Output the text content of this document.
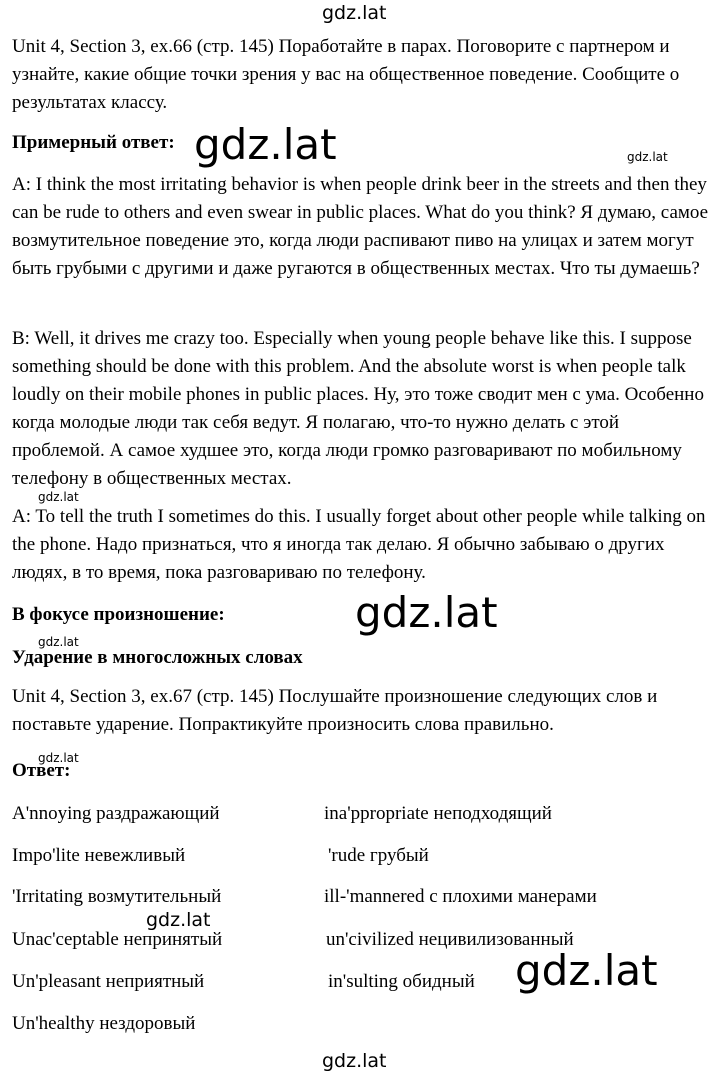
gdz.lat

Unit 4, Section 3, ex.66 (стр. 145) Поработайте в парах. Поговорите с партнером и узнайте, какие общие точки зрения у вас на общественное поведение. Сообщите о результатах классу.

Примерный ответ: gdz.lat	gdz.lat

A: I think the most irritating behavior is when people drink beer in the streets and then they can be rude to others and even swear in public places. What do you think? Я думаю, самое возмутительное поведение это, когда люди распивают пиво на улицах и затем могут быть грубыми с другими и даже ругаются в общественных местах. Что ты думаешь?

B: Well, it drives me crazy too. Especially when young people behave like this. I suppose something should be done with this problem. And the absolute worst is when people talk loudly on their mobile phones in public places. Ну, это тоже сводит мен с ума. Особенно когда молодые люди так себя ведут. Я полагаю, что-то нужно делать с этой проблемой. А самое худшее это, когда люди громко разговаривают по мобильному телефону в общественных местах.

gdz.lat

A: To tell the truth I sometimes do this. I usually forget about other people while talking on the phone. Надо признаться, что я иногда так делаю. Я обычно забываю о других людях, в то время, пока разговариваю по телефону.

В фокусе произношение:	gdz.lat
gdz.lat
Ударение в многосложных словах

Unit 4, Section 3, ex.67 (стр. 145) Послушайте произношение следующих слов и поставьте ударение. Попрактикуйте произносить слова правильно.

gdz.lat
Ответ:
A'nnoying раздражающий	ina'ppropriate неподходящий
Impo'lite невежливый	'rude грубый
'Irritating возмутительный	ill-'mannered с плохими манерами
gdz.lat
Unac'ceptable непринятый	un'civilized нецивилизованный
Un'pleasant неприятный	in'sulting обидный gdz.lat
Un'healthy нездоровый
gdz.lat
